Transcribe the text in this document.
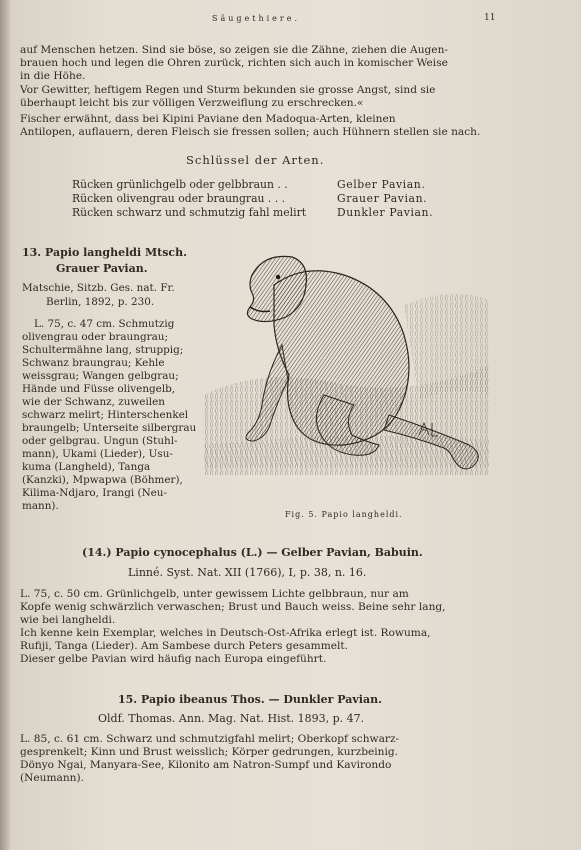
Säugethiere.	11
auf Menschen hetzen. Sind sie böse, so zeigen sie die Zähne, ziehen die Augen-
brauen hoch und legen die Ohren zurück, richten sich auch in komischer Weise
in die Höhe.
Vor Gewitter, heftigem Regen und Sturm bekunden sie grosse Angst, sind sie
überhaupt leicht bis zur völligen Verzweiflung zu erschrecken.«
Fischer erwähnt, dass bei Kipini Paviane den Madoqua-Arten, kleinen
Antilopen, auflauern, deren Fleisch sie fressen sollen; auch Hühnern stellen sie nach.
Schlüssel der Arten.
Rücken grünlichgelb oder gelbbraun . .	Gelber Pavian.
Rücken olivengrau oder braungrau . . .	Grauer Pavian.
Rücken schwarz und schmutzig fahl melirt	Dunkler Pavian.
13. Papio langheldi Mtsch.
Grauer Pavian.
Matschie, Sitzb. Ges. nat. Fr.
Berlin, 1892, p. 230.
L. 75, c. 47 cm. Schmutzig
olivengrau oder braungrau;
Schultermähne lang, struppig;
Schwanz braungrau; Kehle
weissgrau; Wangen gelbgrau;
Hände und Füsse olivengelb,
wie der Schwanz, zuweilen
schwarz melirt; Hinterschenkel
braungelb; Unterseite silbergrau
oder gelbgrau. Ungun (Stuhl-
mann), Ukami (Lieder), Usu-
kuma (Langheld), Tanga
(Kanzki), Mpwapwa (Böhmer),
Kilima-Ndjaro, Irangi (Neu-
mann).
Fig. 5. Papio langheldi.
(14.) Papio cynocephalus (L.) — Gelber Pavian, Babuin.
Linné. Syst. Nat. XII (1766), I, p. 38, n. 16.
L. 75, c. 50 cm. Grünlichgelb, unter gewissem Lichte gelbbraun, nur am
Kopfe wenig schwärzlich verwaschen; Brust und Bauch weiss. Beine sehr lang,
wie bei langheldi.
Ich kenne kein Exemplar, welches in Deutsch-Ost-Afrika erlegt ist. Rowuma,
Rufiji, Tanga (Lieder). Am Sambese durch Peters gesammelt.
Dieser gelbe Pavian wird häufig nach Europa eingeführt.
15. Papio ibeanus Thos. — Dunkler Pavian.
Oldf. Thomas. Ann. Mag. Nat. Hist. 1893, p. 47.
L. 85, c. 61 cm. Schwarz und schmutzigfahl melirt; Oberkopf schwarz-
gesprenkelt; Kinn und Brust weisslich; Körper gedrungen, kurzbeinig.
Dönyo Ngai, Manyara-See, Kilonito am Natron-Sumpf und Kavirondo
(Neumann).
